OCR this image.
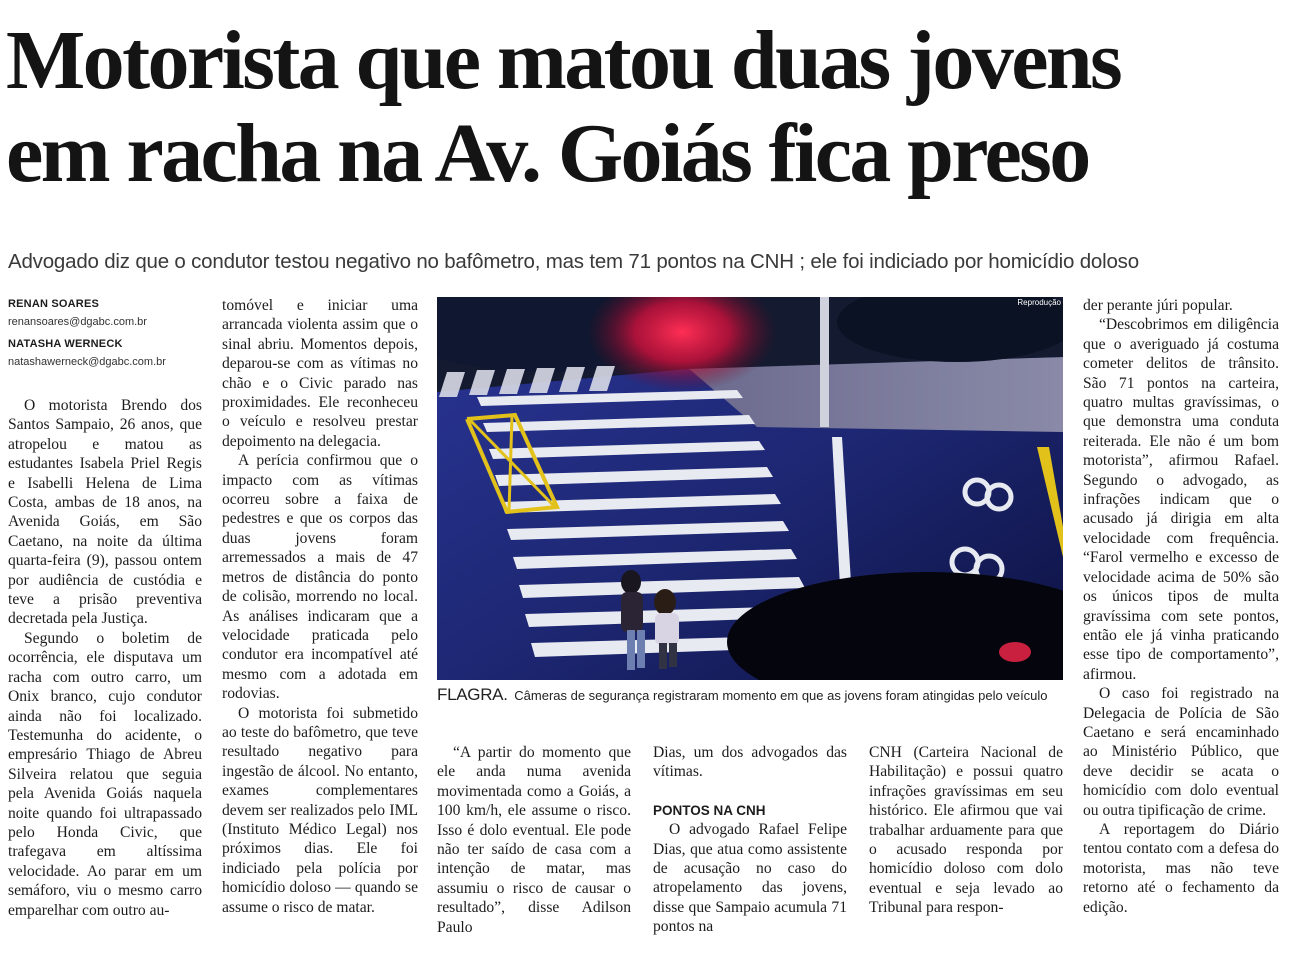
Motorista que matou duas jovens
em racha na Av. Goiás fica preso
Advogado diz que o condutor testou negativo no bafômetro, mas tem 71 pontos na CNH ; ele foi indiciado por homicídio doloso
RENAN SOARES
renansoares@dgabc.com.br
NATASHA WERNECK
natashawerneck@dgabc.com.br

O motorista Brendo dos Santos Sampaio, 26 anos, que atropelou e matou as estudantes Isabela Priel Regis e Isabelli Helena de Lima Costa, ambas de 18 anos, na Avenida Goiás, em São Caetano, na noite da última quarta-feira (9), passou ontem por audiência de custódia e teve a prisão preventiva decretada pela Justiça.

Segundo o boletim de ocorrência, ele disputava um racha com outro carro, um Onix branco, cujo condutor ainda não foi localizado. Testemunha do acidente, o empresário Thiago de Abreu Silveira relatou que seguia pela Avenida Goiás naquela noite quando foi ultrapassado pelo Honda Civic, que trafegava em altíssima velocidade. Ao parar em um semáforo, viu o mesmo carro emparelhar com outro au-

tomóvel e iniciar uma arrancada violenta assim que o sinal abriu. Momentos depois, deparou-se com as vítimas no chão e o Civic parado nas proximidades. Ele reconheceu o veículo e resolveu prestar depoimento na delegacia.

A perícia confirmou que o impacto com as vítimas ocorreu sobre a faixa de pedestres e que os corpos das duas jovens foram arremessados a mais de 47 metros de distância do ponto de colisão, morrendo no local. As análises indicaram que a velocidade praticada pelo condutor era incompatível até mesmo com a adotada em rodovias.

O motorista foi submetido ao teste do bafômetro, que teve resultado negativo para ingestão de álcool. No entanto, exames complementares devem ser realizados pelo IML (Instituto Médico Legal) nos próximos dias. Ele foi indiciado pela polícia por homicídio doloso — quando se assume o risco de matar.

Reprodução
FLAGRA. Câmeras de segurança registraram momento em que as jovens foram atingidas pelo veículo

“A partir do momento que ele anda numa avenida movimentada como a Goiás, a 100 km/h, ele assume o risco. Isso é dolo eventual. Ele pode não ter saído de casa com a intenção de matar, mas assumiu o risco de causar o resultado”, disse Adilson Paulo

Dias, um dos advogados das vítimas.

PONTOS NA CNH

O advogado Rafael Felipe Dias, que atua como assistente de acusação no caso do atropelamento das jovens, disse que Sampaio acumula 71 pontos na

CNH (Carteira Nacional de Habilitação) e possui quatro infrações gravíssimas em seu histórico. Ele afirmou que vai trabalhar arduamente para que o acusado responda por homicídio doloso com dolo eventual e seja levado ao Tribunal para respon-

der perante júri popular.

“Descobrimos em diligência que o averiguado já costuma cometer delitos de trânsito. São 71 pontos na carteira, quatro multas gravíssimas, o que demonstra uma conduta reiterada. Ele não é um bom motorista”, afirmou Rafael. Segundo o advogado, as infrações indicam que o acusado já dirigia em alta velocidade com frequência. “Farol vermelho e excesso de velocidade acima de 50% são os únicos tipos de multa gravíssima com sete pontos, então ele já vinha praticando esse tipo de comportamento”, afirmou.

O caso foi registrado na Delegacia de Polícia de São Caetano e será encaminhado ao Ministério Público, que deve decidir se acata o homicídio com dolo eventual ou outra tipificação de crime.

A reportagem do Diário tentou contato com a defesa do motorista, mas não teve retorno até o fechamento da edição.
